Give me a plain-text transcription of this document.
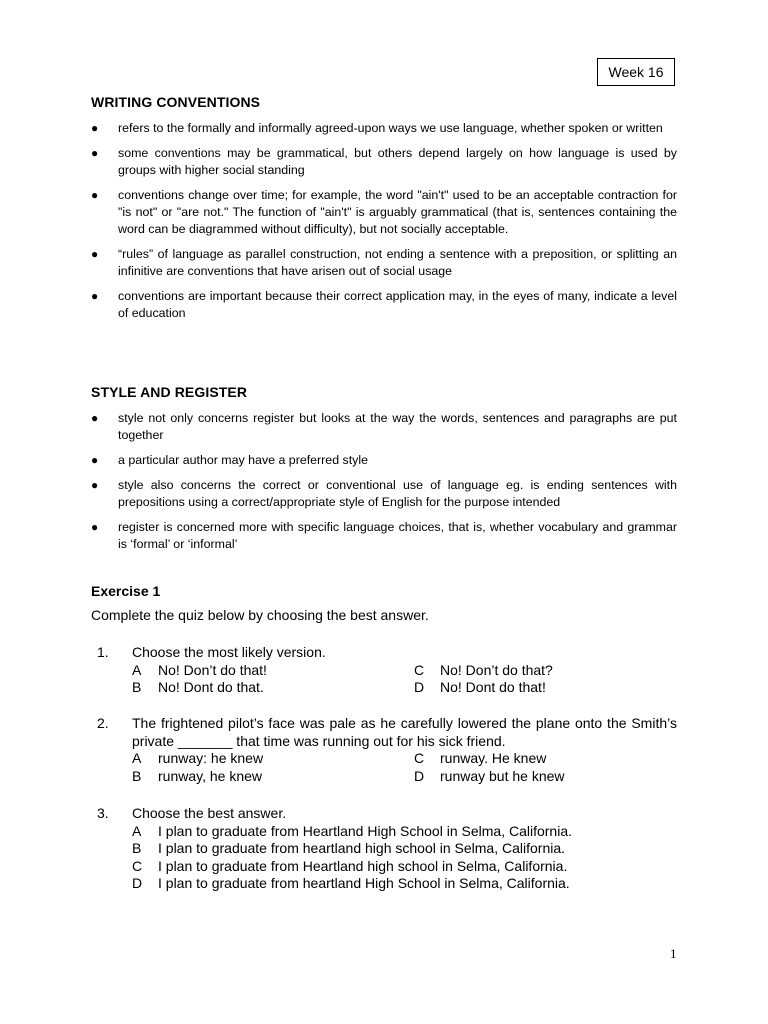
Week 16
WRITING CONVENTIONS
● refers to the formally and informally agreed-upon ways we use language, whether spoken or written
● some conventions may be grammatical, but others depend largely on how language is used by groups with higher social standing
● conventions change over time; for example, the word "ain't" used to be an acceptable contraction for "is not" or "are not." The function of "ain't" is arguably grammatical (that is, sentences containing the word can be diagrammed without difficulty), but not socially acceptable.
● “rules” of language as parallel construction, not ending a sentence with a preposition, or splitting an infinitive are conventions that have arisen out of social usage
● conventions are important because their correct application may, in the eyes of many, indicate a level of education
STYLE AND REGISTER
● style not only concerns register but looks at the way the words, sentences and paragraphs are put together
● a particular author may have a preferred style
● style also concerns the correct or conventional use of language eg. is ending sentences with prepositions using a correct/appropriate style of English for the purpose intended
● register is concerned more with specific language choices, that is, whether vocabulary and grammar is ‘formal’ or ‘informal’
Exercise 1
Complete the quiz below by choosing the best answer.
1. Choose the most likely version.
A No! Don’t do that!	C No! Don’t do that?
B No! Dont do that.	D No! Dont do that!
2. The frightened pilot’s face was pale as he carefully lowered the plane onto the Smith’s private _______ that time was running out for his sick friend.
A runway: he knew	C runway. He knew
B runway, he knew	D runway but he knew
3. Choose the best answer.
A I plan to graduate from Heartland High School in Selma, California.
B I plan to graduate from heartland high school in Selma, California.
C I plan to graduate from Heartland high school in Selma, California.
D I plan to graduate from heartland High School in Selma, California.
1
